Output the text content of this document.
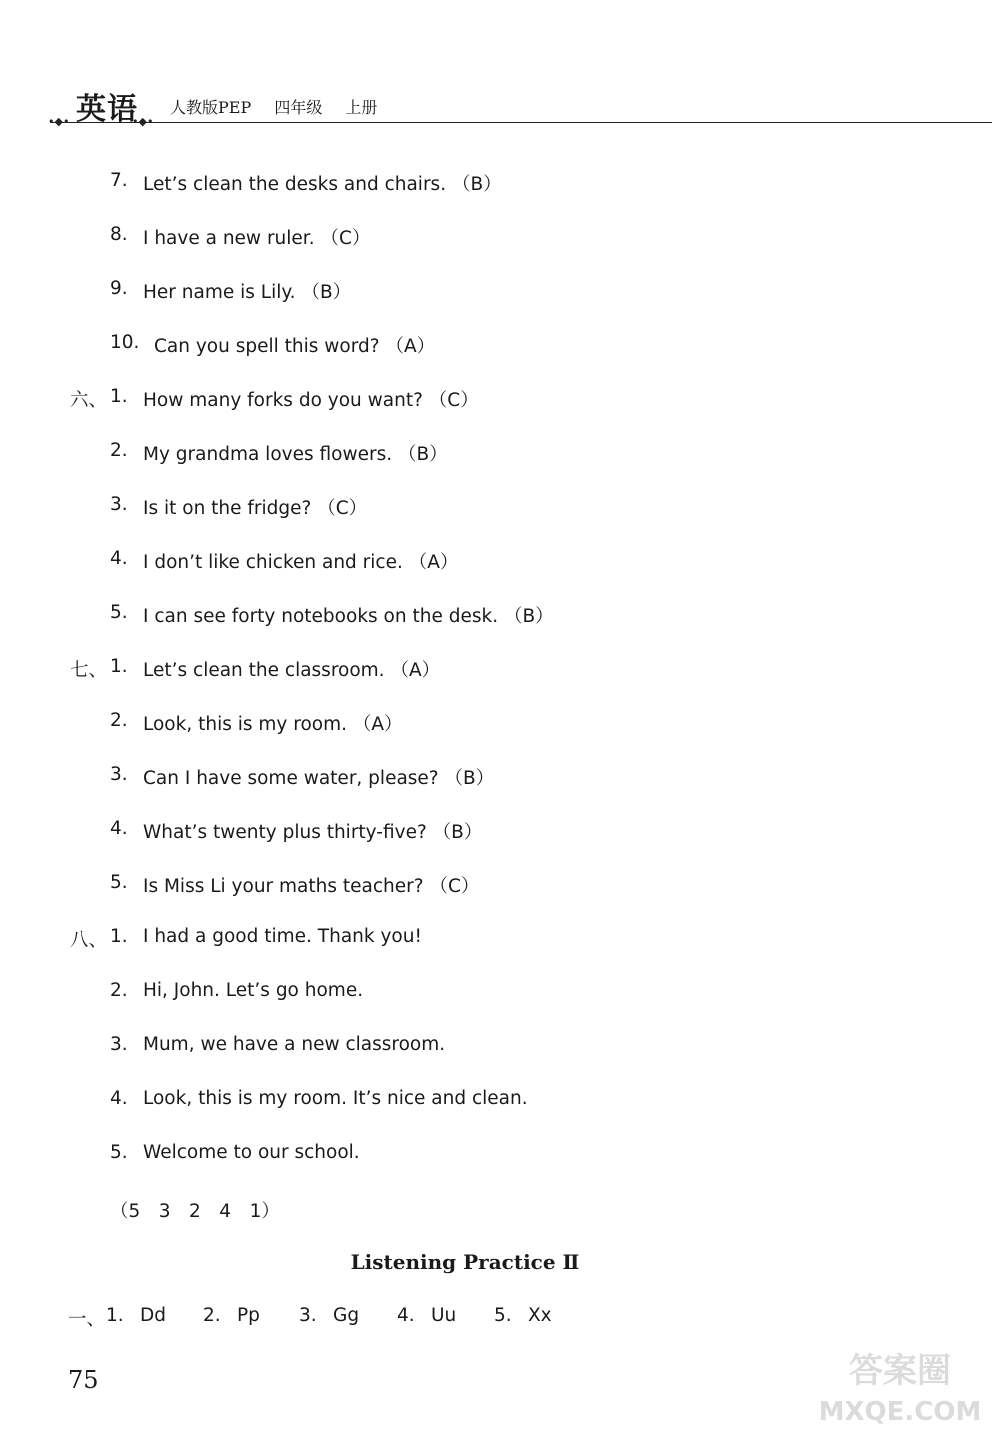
•◆•	•◆•
英语 人教版PEP 四年级 上册
7. Let’s clean the desks and chairs. （B）
8. I have a new ruler. （C）
9. Her name is Lily. （B）
10. Can you spell this word? （A）
六、 1. How many forks do you want? （C）
2. My grandma loves flowers. （B）
3. Is it on the fridge? （C）
4. I don’t like chicken and rice. （A）
5. I can see forty notebooks on the desk. （B）
七、 1. Let’s clean the classroom. （A）
2. Look, this is my room. （A）
3. Can I have some water, please? （B）
4. What’s twenty plus thirty-five? （B）
5. Is Miss Li your maths teacher? （C）
八、 1. I had a good time. Thank you!
2. Hi, John. Let’s go home.
3. Mum, we have a new classroom.
4. Look, this is my room. It’s nice and clean.
5. Welcome to our school.
（5　3　2　4　1）
Listening Practice Ⅱ
一、 1. Dd 2. Pp 3. Gg 4. Uu 5. Xx
75	答案圈
MXQE.COM
